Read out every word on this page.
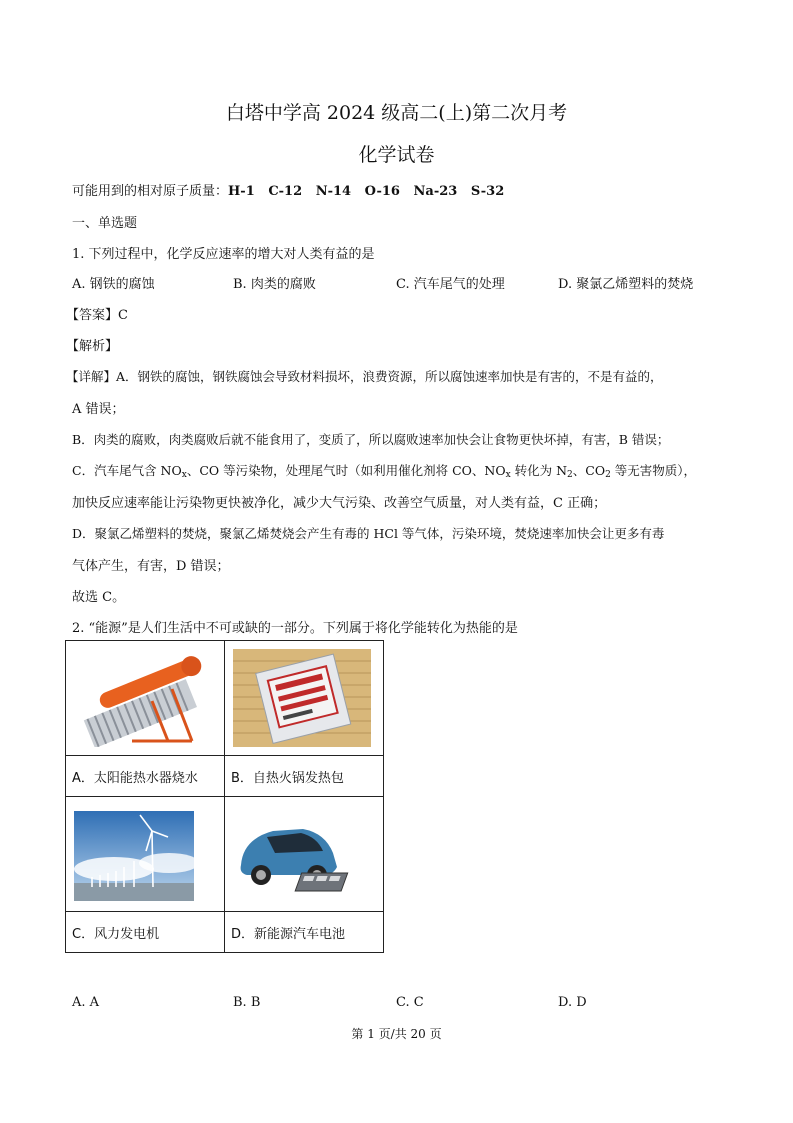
白塔中学高 2024 级高二(上)第二次月考
化学试卷
可能用到的相对原子质量：H-1   C-12   N-14   O-16   Na-23   S-32
一、单选题
1. 下列过程中，化学反应速率的增大对人类有益的是
A. 钢铁的腐蚀	B. 肉类的腐败	C. 汽车尾气的处理	D. 聚氯乙烯塑料的焚烧
【答案】C
【解析】
【详解】A．钢铁的腐蚀，钢铁腐蚀会导致材料损坏，浪费资源，所以腐蚀速率加快是有害的，不是有益的，
A 错误；
B．肉类的腐败，肉类腐败后就不能食用了，变质了，所以腐败速率加快会让食物更快坏掉，有害，B 错误；
C．汽车尾气含 $NO_x$、CO 等污染物，处理尾气时（如利用催化剂将 CO、$NO_x$ 转化为 $N_2$、$CO_2$ 等无害物质），
加快反应速率能让污染物更快被净化，减少大气污染、改善空气质量，对人类有益，C 正确；
D．聚氯乙烯塑料的焚烧，聚氯乙烯焚烧会产生有毒的 HCl 等气体，污染环境，焚烧速率加快会让更多有毒
气体产生，有害，D 错误；
故选 C。
2. “能源”是人们生活中不可或缺的一部分。下列属于将化学能转化为热能的是

A．太阳能热水器烧水	B．自热火锅发热包

C．风力发电机	D．新能源汽车电池
A. A	B. B	C. C	D. D
第 1 页/共 20 页
